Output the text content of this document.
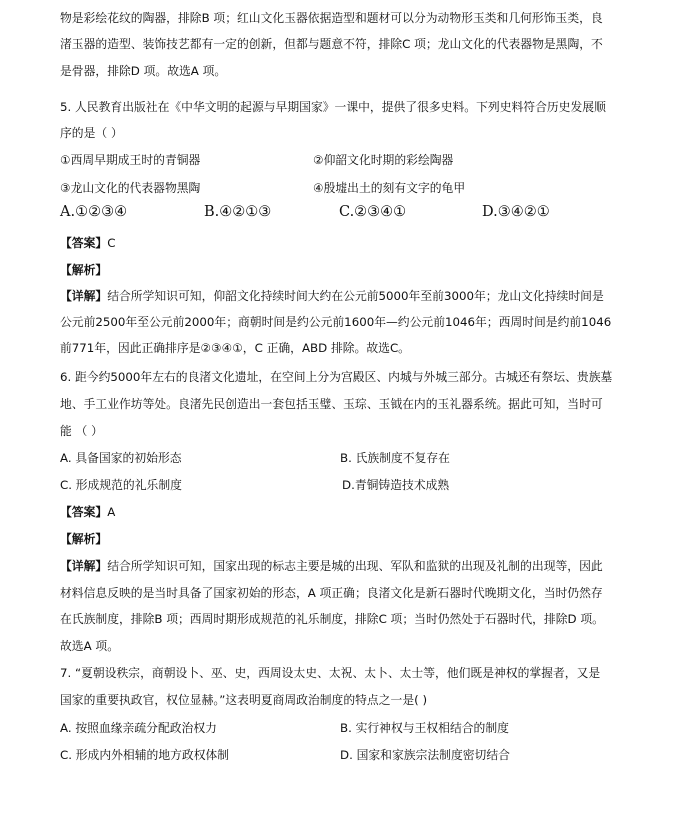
物是彩绘花纹的陶器，排除B 项；红山文化玉器依据造型和题材可以分为动物形玉类和几何形饰玉类，良
渚玉器的造型、装饰技艺都有一定的创新，但都与题意不符，排除C 项；龙山文化的代表器物是黑陶，不
是骨器，排除D 项。故选A 项。
5. 人民教育出版社在《中华文明的起源与早期国家》一课中，提供了很多史料。下列史料符合历史发展顺
序的是（ ）
①西周早期成王时的青铜器	②仰韶文化时期的彩绘陶器
③龙山文化的代表器物黑陶	④殷墟出土的刻有文字的龟甲
A.①②③④	B.④②①③	C.②③④①	D.③④②①
【答案】C
【解析】
【详解】结合所学知识可知，仰韶文化持续时间大约在公元前5000年至前3000年；龙山文化持续时间是
公元前2500年至公元前2000年；商朝时间是约公元前1600年—约公元前1046年；西周时间是约前1046
前771年，因此正确排序是②③④①，C 正确，ABD 排除。故选C。
6. 距今约5000年左右的良渚文化遗址，在空间上分为宫殿区、内城与外城三部分。古城还有祭坛、贵族墓
地、手工业作坊等处。良渚先民创造出一套包括玉璧、玉琮、玉钺在内的玉礼器系统。据此可知，当时可
能 （ ）
A. 具备国家的初始形态	B. 氏族制度不复存在
C. 形成规范的礼乐制度	D.青铜铸造技术成熟
【答案】A
【解析】
【详解】结合所学知识可知，国家出现的标志主要是城的出现、军队和监狱的出现及礼制的出现等，因此
材料信息反映的是当时具备了国家初始的形态，A 项正确；良渚文化是新石器时代晚期文化，当时仍然存
在氏族制度，排除B 项；西周时期形成规范的礼乐制度，排除C 项；当时仍然处于石器时代，排除D 项。
故选A 项。
7. “夏朝设秩宗，商朝设卜、巫、史，西周设太史、太祝、太卜、太士等，他们既是神权的掌握者，又是
国家的重要执政官，权位显赫。”这表明夏商周政治制度的特点之一是( )
A. 按照血缘亲疏分配政治权力	B. 实行神权与王权相结合的制度
C. 形成内外相辅的地方政权体制	D. 国家和家族宗法制度密切结合
